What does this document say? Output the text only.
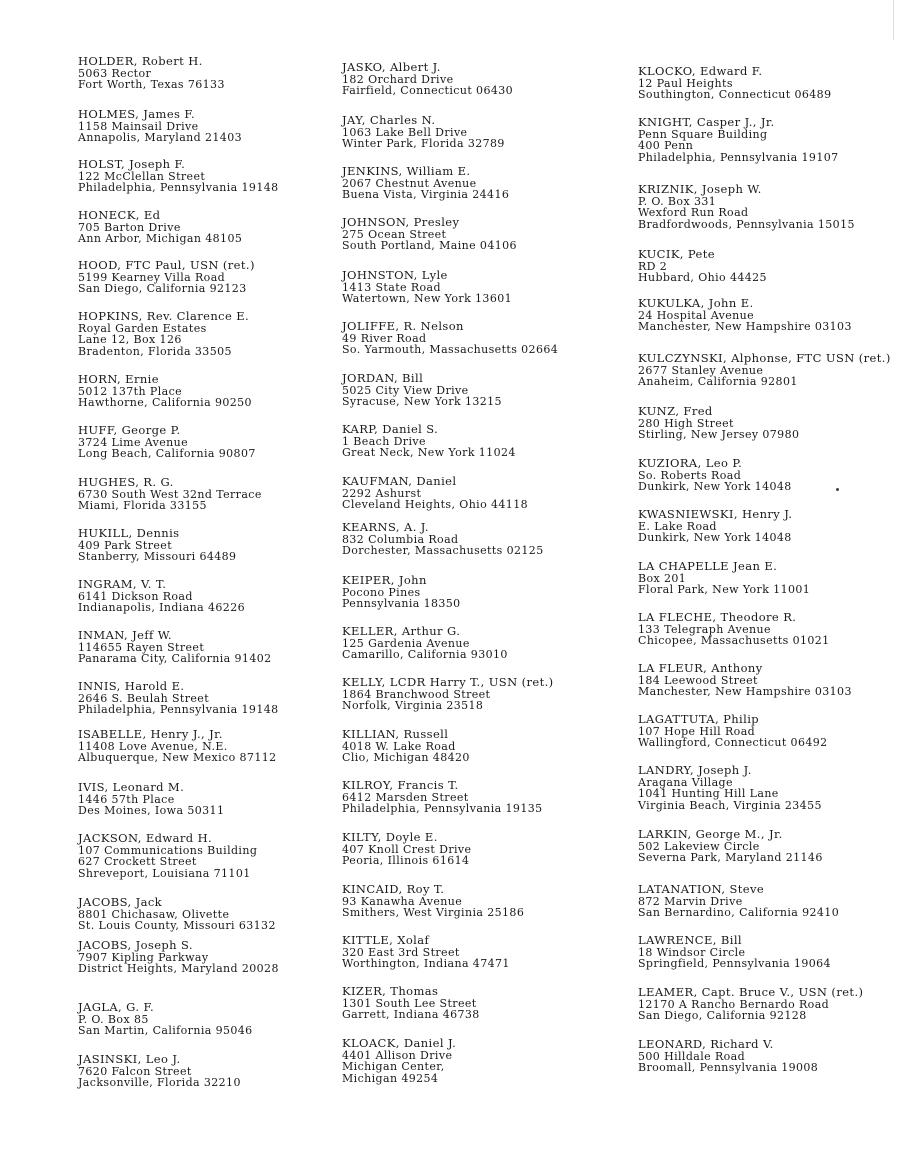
HOLDER, Robert H.
5063 Rector
Fort Worth, Texas 76133
HOLMES, James F.
1158 Mainsail Drive
Annapolis, Maryland 21403
HOLST, Joseph F.
122 McClellan Street
Philadelphia, Pennsylvania 19148
HONECK, Ed
705 Barton Drive
Ann Arbor, Michigan 48105
HOOD, FTC Paul, USN (ret.)
5199 Kearney Villa Road
San Diego, California 92123
HOPKINS, Rev. Clarence E.
Royal Garden Estates
Lane 12, Box 126
Bradenton, Florida 33505
HORN, Ernie
5012 137th Place
Hawthorne, California 90250
HUFF, George P.
3724 Lime Avenue
Long Beach, California 90807
HUGHES, R. G.
6730 South West 32nd Terrace
Miami, Florida 33155
HUKILL, Dennis
409 Park Street
Stanberry, Missouri 64489
INGRAM, V. T.
6141 Dickson Road
Indianapolis, Indiana 46226
INMAN, Jeff W.
114655 Rayen Street
Panarama City, California 91402
INNIS, Harold E.
2646 S. Beulah Street
Philadelphia, Pennsylvania 19148
ISABELLE, Henry J., Jr.
11408 Love Avenue, N.E.
Albuquerque, New Mexico 87112
IVIS, Leonard M.
1446 57th Place
Des Moines, Iowa 50311
JACKSON, Edward H.
107 Communications Building
627 Crockett Street
Shreveport, Louisiana 71101
JACOBS, Jack
8801 Chichasaw, Olivette
St. Louis County, Missouri 63132
JACOBS, Joseph S.
7907 Kipling Parkway
District Heights, Maryland 20028
JAGLA, G. F.
P. O. Box 85
San Martin, California 95046
JASINSKI, Leo J.
7620 Falcon Street
Jacksonville, Florida 32210
JASKO, Albert J.
182 Orchard Drive
Fairfield, Connecticut 06430
JAY, Charles N.
1063 Lake Bell Drive
Winter Park, Florida 32789
JENKINS, William E.
2067 Chestnut Avenue
Buena Vista, Virginia 24416
JOHNSON, Presley
275 Ocean Street
South Portland, Maine 04106
JOHNSTON, Lyle
1413 State Road
Watertown, New York 13601
JOLIFFE, R. Nelson
49 River Road
So. Yarmouth, Massachusetts 02664
JORDAN, Bill
5025 City View Drive
Syracuse, New York 13215
KARP, Daniel S.
1 Beach Drive
Great Neck, New York 11024
KAUFMAN, Daniel
2292 Ashurst
Cleveland Heights, Ohio 44118
KEARNS, A. J.
832 Columbia Road
Dorchester, Massachusetts 02125
KEIPER, John
Pocono Pines
Pennsylvania 18350
KELLER, Arthur G.
125 Gardenia Avenue
Camarillo, California 93010
KELLY, LCDR Harry T., USN (ret.)
1864 Branchwood Street
Norfolk, Virginia 23518
KILLIAN, Russell
4018 W. Lake Road
Clio, Michigan 48420
KILROY, Francis T.
6412 Marsden Street
Philadelphia, Pennsylvania 19135
KILTY, Doyle E.
407 Knoll Crest Drive
Peoria, Illinois 61614
KINCAID, Roy T.
93 Kanawha Avenue
Smithers, West Virginia 25186
KITTLE, Xolaf
320 East 3rd Street
Worthington, Indiana 47471
KIZER, Thomas
1301 South Lee Street
Garrett, Indiana 46738
KLOACK, Daniel J.
4401 Allison Drive
Michigan Center,
Michigan 49254
KLOCKO, Edward F.
12 Paul Heights
Southington, Connecticut 06489
KNIGHT, Casper J., Jr.
Penn Square Building
400 Penn
Philadelphia, Pennsylvania 19107
KRIZNIK, Joseph W.
P. O. Box 331
Wexford Run Road
Bradfordwoods, Pennsylvania 15015
KUCIK, Pete
RD 2
Hubbard, Ohio 44425
KUKULKA, John E.
24 Hospital Avenue
Manchester, New Hampshire 03103
KULCZYNSKI, Alphonse, FTC USN (ret.)
2677 Stanley Avenue
Anaheim, California 92801
KUNZ, Fred
280 High Street
Stirling, New Jersey 07980
KUZIORA, Leo P.
So. Roberts Road
Dunkirk, New York 14048
KWASNIEWSKI, Henry J.
E. Lake Road
Dunkirk, New York 14048
LA CHAPELLE Jean E.
Box 201
Floral Park, New York 11001
LA FLECHE, Theodore R.
133 Telegraph Avenue
Chicopee, Massachusetts 01021
LA FLEUR, Anthony
184 Leewood Street
Manchester, New Hampshire 03103
LAGATTUTA, Philip
107 Hope Hill Road
Wallingford, Connecticut 06492
LANDRY, Joseph J.
Aragana Village
1041 Hunting Hill Lane
Virginia Beach, Virginia 23455
LARKIN, George M., Jr.
502 Lakeview Circle
Severna Park, Maryland 21146
LATANATION, Steve
872 Marvin Drive
San Bernardino, California 92410
LAWRENCE, Bill
18 Windsor Circle
Springfield, Pennsylvania 19064
LEAMER, Capt. Bruce V., USN (ret.)
12170 A Rancho Bernardo Road
San Diego, California 92128
LEONARD, Richard V.
500 Hilldale Road
Broomall, Pennsylvania 19008
